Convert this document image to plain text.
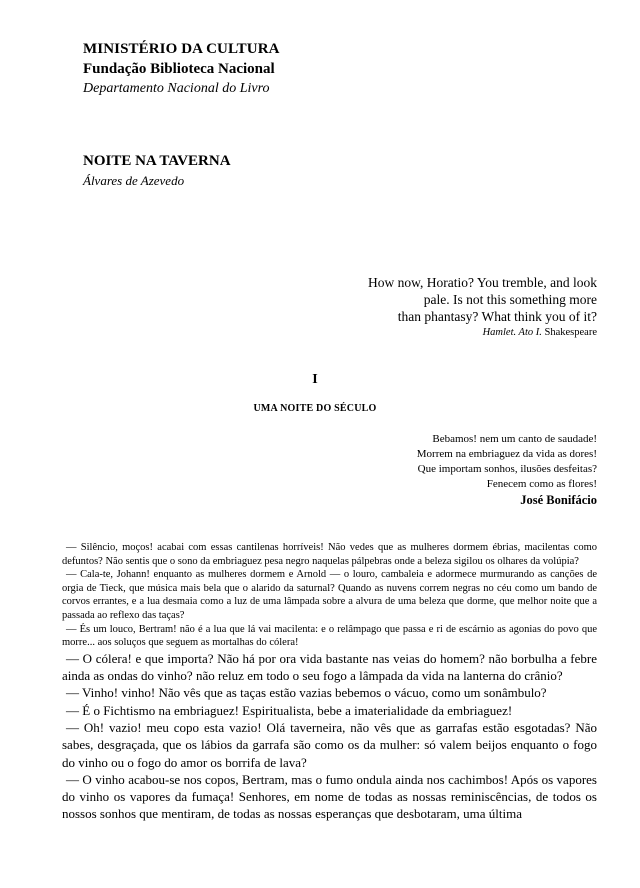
MINISTÉRIO DA CULTURA
Fundação Biblioteca Nacional
Departamento Nacional do Livro
NOITE NA TAVERNA
Álvares de Azevedo
How now, Horatio? You tremble, and look
pale. Is not this something more
than phantasy? What think you of it?
Hamlet. Ato I. Shakespeare
I
UMA NOITE DO SÉCULO
Bebamos! nem um canto de saudade!
Morrem na embriaguez da vida as dores!
Que importam sonhos, ilusões desfeitas?
Fenecem como as flores!
José Bonifácio

— Silêncio, moços! acabai com essas cantilenas horríveis! Não vedes que as mulheres dormem ébrias, macilentas como defuntos? Não sentis que o sono da embriaguez pesa negro naquelas pálpebras onde a beleza sigilou os olhares da volúpia?

— Cala-te, Johann! enquanto as mulheres dormem e Arnold — o louro, cambaleia e adormece murmurando as canções de orgia de Tieck, que música mais bela que o alarido da saturnal? Quando as nuvens correm negras no céu como um bando de corvos errantes, e a lua desmaia como a luz de uma lâmpada sobre a alvura de uma beleza que dorme, que melhor noite que a passada ao reflexo das taças?

— És um louco, Bertram! não é a lua que lá vai macilenta: e o relâmpago que passa e ri de escárnio as agonias do povo que morre... aos soluços que seguem as mortalhas do cólera!

— O cólera! e que importa? Não há por ora vida bastante nas veias do homem? não borbulha a febre ainda as ondas do vinho? não reluz em todo o seu fogo a lâmpada da vida na lanterna do crânio?

— Vinho! vinho! Não vês que as taças estão vazias bebemos o vácuo, como um sonâmbulo?

— É o Fichtismo na embriaguez! Espiritualista, bebe a imaterialidade da embriaguez!

— Oh! vazio! meu copo esta vazio! Olá taverneira, não vês que as garrafas estão esgotadas? Não sabes, desgraçada, que os lábios da garrafa são como os da mulher: só valem beijos enquanto o fogo do vinho ou o fogo do amor os borrifa de lava?

— O vinho acabou-se nos copos, Bertram, mas o fumo ondula ainda nos cachimbos! Após os vapores do vinho os vapores da fumaça! Senhores, em nome de todas as nossas reminiscências, de todos os nossos sonhos que mentiram, de todas as nossas esperanças que desbotaram, uma última
